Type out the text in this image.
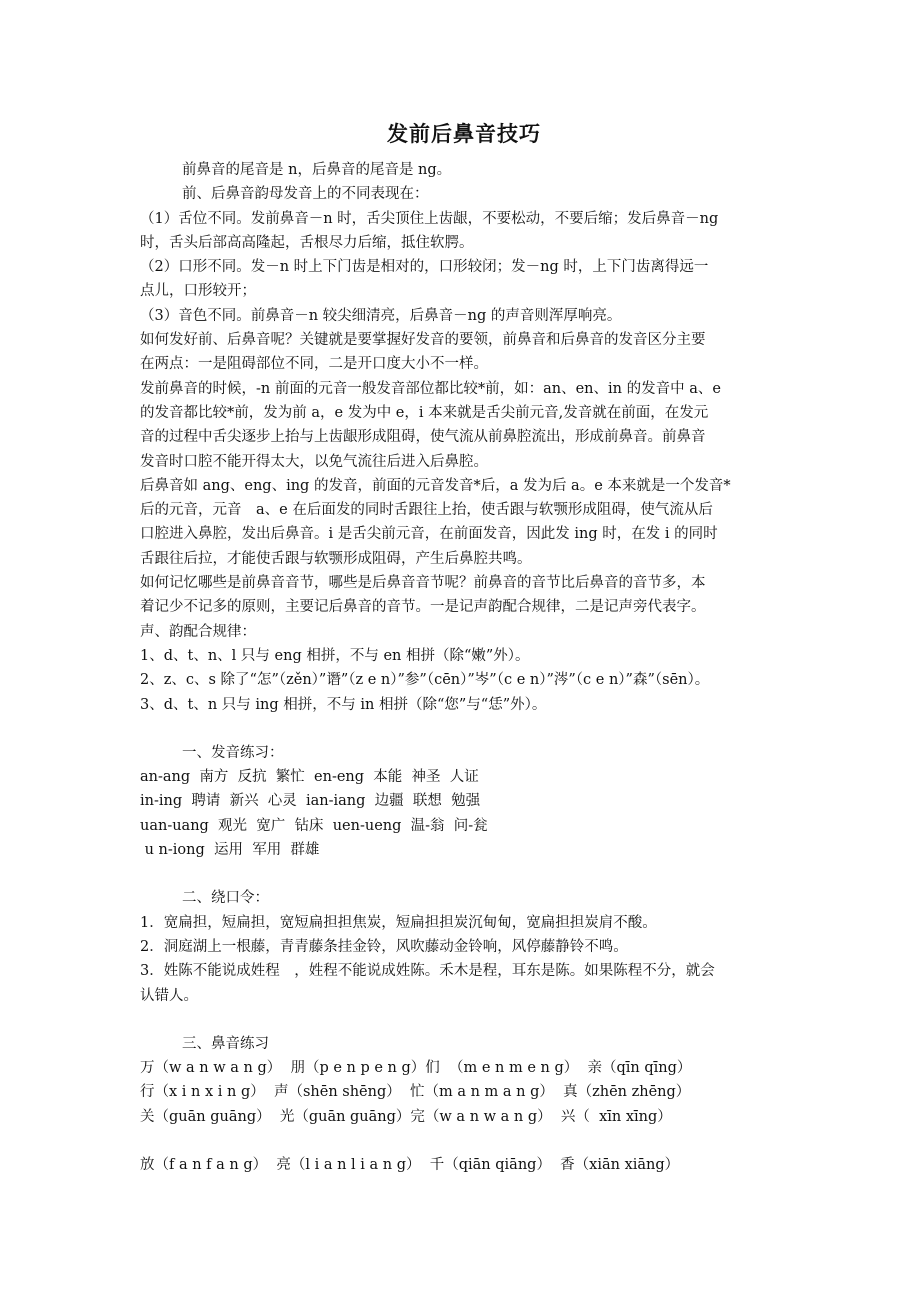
发前后鼻音技巧

前鼻音的尾音是 n，后鼻音的尾音是 ng。

前、后鼻音韵母发音上的不同表现在：

（1）舌位不同。发前鼻音－n 时，舌尖顶住上齿龈，不要松动，不要后缩；发后鼻音－ng

时，舌头后部高高隆起，舌根尽力后缩，抵住软腭。

（2）口形不同。发－n 时上下门齿是相对的，口形较闭；发－ng 时，上下门齿离得远一

点儿，口形较开；

（3）音色不同。前鼻音－n 较尖细清亮，后鼻音－ng 的声音则浑厚响亮。

如何发好前、后鼻音呢？关键就是要掌握好发音的要领，前鼻音和后鼻音的发音区分主要

在两点：一是阻碍部位不同，二是开口度大小不一样。

发前鼻音的时候，-n 前面的元音一般发音部位都比较*前，如：an、en、in 的发音中 a、e

的发音都比较*前，发为前 a，e 发为中 e，i 本来就是舌尖前元音,发音就在前面，在发元

音的过程中舌尖逐步上抬与上齿龈形成阻碍，使气流从前鼻腔流出，形成前鼻音。前鼻音

发音时口腔不能开得太大，以免气流往后进入后鼻腔。

后鼻音如 ang、eng、ing 的发音，前面的元音发音*后，a 发为后 a。e 本来就是一个发音*

后的元音，元音　a、e 在后面发的同时舌跟往上抬，使舌跟与软颚形成阻碍，使气流从后

口腔进入鼻腔，发出后鼻音。i 是舌尖前元音，在前面发音，因此发 ing 时，在发 i 的同时

舌跟往后拉，才能使舌跟与软颚形成阻碍，产生后鼻腔共鸣。

如何记忆哪些是前鼻音音节，哪些是后鼻音音节呢？前鼻音的音节比后鼻音的音节多，本

着记少不记多的原则，主要记后鼻音的音节。一是记声韵配合规律，二是记声旁代表字。

声、韵配合规律：

1、d、t、n、l 只与 eng 相拼，不与 en 相拼（除“嫩”外）。

2、z、c、s 除了“怎”（zěn）”谮”（z e n）”参”（cēn）”岑”（c e n）”涔”（c e n）”森”（sēn）。

3、d、t、n 只与 ing 相拼，不与 in 相拼（除“您”与“恁”外）。

一、发音练习：

an-ang  南方  反抗  繁忙  en-eng  本能  神圣  人证

in-ing  聘请  新兴  心灵  ian-iang  边疆  联想  勉强

uan-uang  观光  宽广  钻床  uen-ueng  温-翁  问-瓮

u n-iong  运用  军用  群雄

二、绕口令：

1．宽扁担，短扁担，宽短扁担担焦炭，短扁担担炭沉甸甸，宽扁担担炭肩不酸。

2．洞庭湖上一根藤，青青藤条挂金铃，风吹藤动金铃响，风停藤静铃不鸣。

3．姓陈不能说成姓程　，姓程不能说成姓陈。禾木是程，耳东是陈。如果陈程不分，就会

认错人。

三、鼻音练习

万（w a n w a n g）  朋（p e n p e n g）们  （m e n m e n g）  亲（qīn qīng）

行（x i n x i n g）  声（shēn shēng）  忙（m a n m a n g）  真（zhēn zhēng）

关（guān guāng）  光（guān guāng）完（w a n w a n g）  兴（  xīn xīng）

放（f a n f a n g）  亮（l i a n l i a n g）  千（qiān qiāng）  香（xiān xiāng）
